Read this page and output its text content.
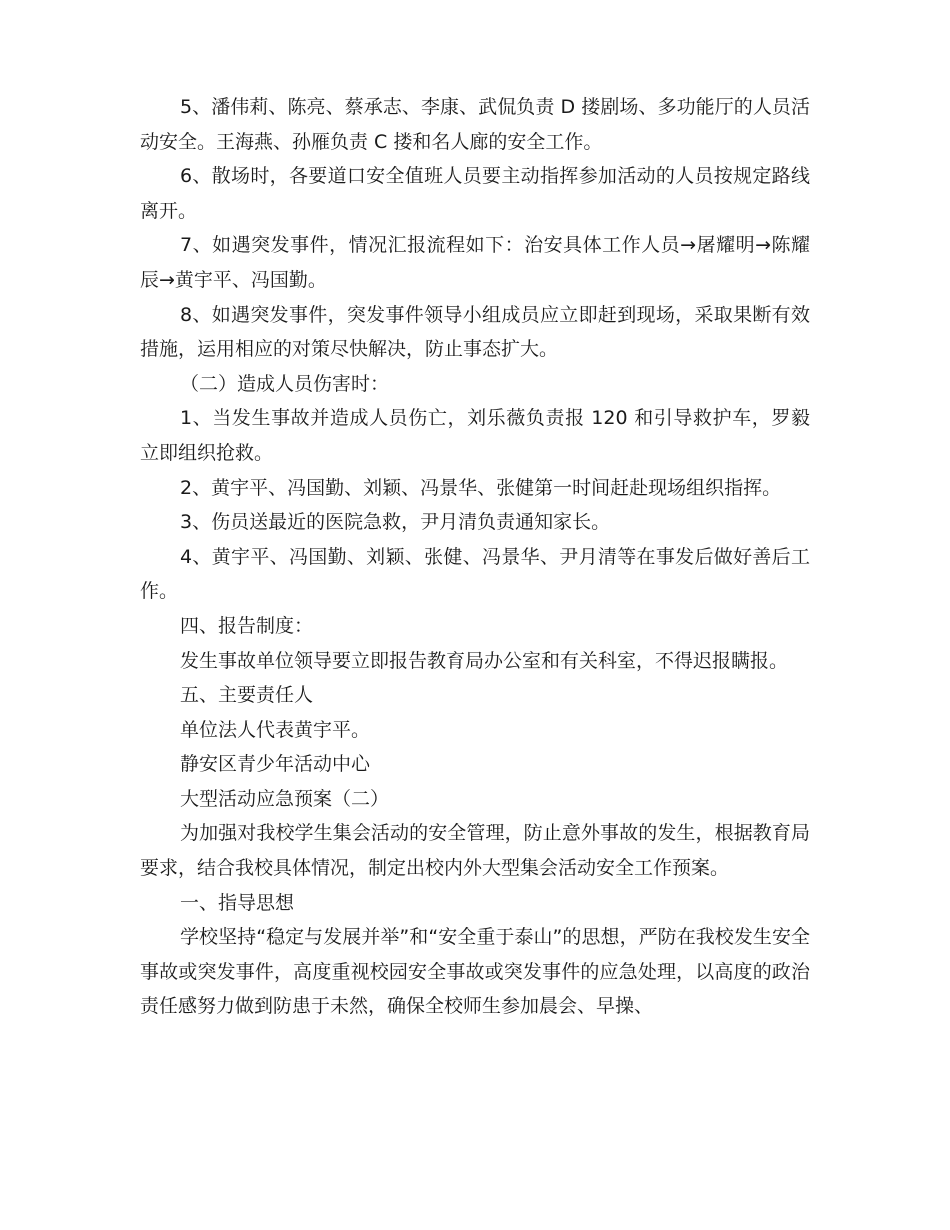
5、潘伟莉、陈亮、蔡承志、李康、武侃负责 D 搂剧场、多功能厅的人员活动安全。王海燕、孙雁负责 C 搂和名人廊的安全工作。

6、散场时，各要道口安全值班人员要主动指挥参加活动的人员按规定路线离开。

7、如遇突发事件，情况汇报流程如下：治安具体工作人员→屠耀明→陈耀辰→黄宇平、冯国勤。

8、如遇突发事件，突发事件领导小组成员应立即赶到现场，采取果断有效措施，运用相应的对策尽快解决，防止事态扩大。

（二）造成人员伤害时：

1、当发生事故并造成人员伤亡，刘乐薇负责报 120 和引导救护车，罗毅立即组织抢救。

2、黄宇平、冯国勤、刘颖、冯景华、张健第一时间赶赴现场组织指挥。

3、伤员送最近的医院急救，尹月清负责通知家长。

4、黄宇平、冯国勤、刘颖、张健、冯景华、尹月清等在事发后做好善后工作。

四、报告制度：

发生事故单位领导要立即报告教育局办公室和有关科室，不得迟报瞒报。

五、主要责任人

单位法人代表黄宇平。

静安区青少年活动中心

大型活动应急预案（二）

为加强对我校学生集会活动的安全管理，防止意外事故的发生，根据教育局要求，结合我校具体情况，制定出校内外大型集会活动安全工作预案。

一、指导思想

学校坚持“稳定与发展并举”和“安全重于泰山”的思想，严防在我校发生安全事故或突发事件，高度重视校园安全事故或突发事件的应急处理，以高度的政治责任感努力做到防患于未然，确保全校师生参加晨会、早操、
